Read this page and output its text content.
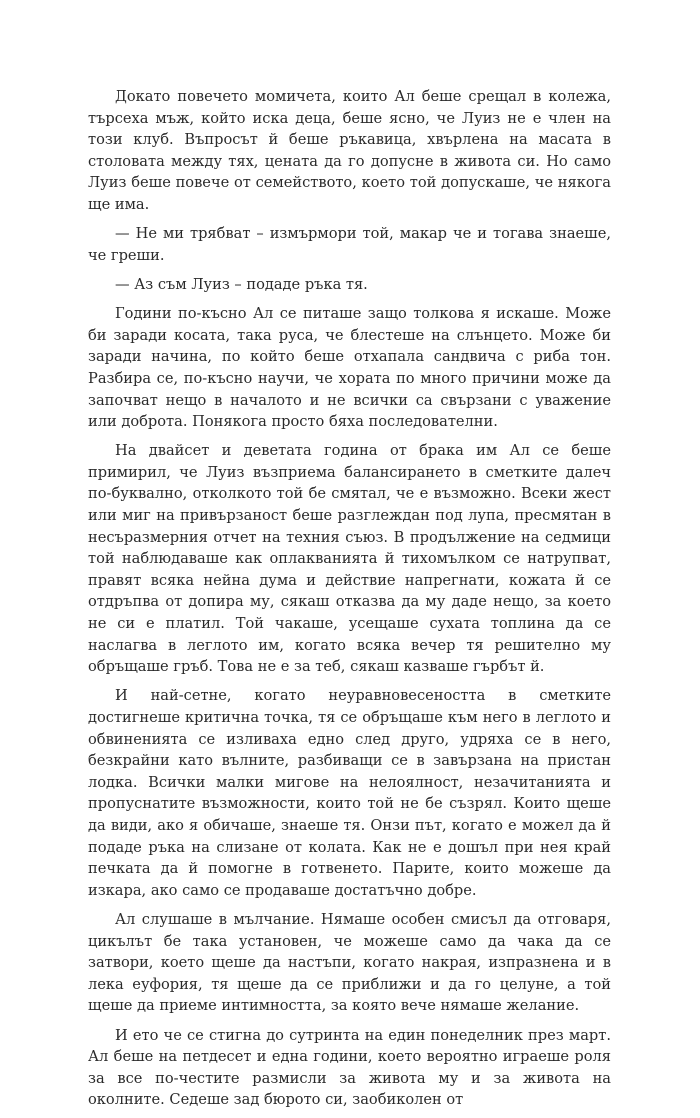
Докато повечето момичета, които Ал беше срещал в колежа, търсеха мъж, който иска деца, беше ясно, че Луиз не е член на този клуб. Въпросът й беше ръкавица, хвърлена на масата в столовата между тях, цената да го допусне в живота си. Но само Луиз беше повече от семейството, което той допускаше, че някога ще има.

— Не ми трябват – измърмори той, макар че и тогава знаеше, че греши.

— Аз съм Луиз – подаде ръка тя.

Години по-късно Ал се питаше защо толкова я искаше. Може би заради косата, така руса, че блестеше на слънцето. Може би заради начина, по който беше отхапала сандвича с риба тон. Разбира се, по-късно научи, че хората по много причини може да започват нещо в началото и не всички са свързани с уважение или доброта. Понякога просто бяха последователни.

На двайсет и деветата година от брака им Ал се беше примирил, че Луиз възприема балансирането в сметките далеч по-буквално, отколкото той бе смятал, че е възможно. Всеки жест или миг на привързаност беше разглеждан под лупа, пресмятан в несъразмерния отчет на техния съюз. В продължение на седмици той наблюдаваше как оплакванията й тихомълком се натрупват, правят всяка нейна дума и действие напрегнати, кожата й се отдръпва от допира му, сякаш отказва да му даде нещо, за което не си е платил. Той чакаше, усещаше сухата топлина да се наслагва в леглото им, когато всяка вечер тя решително му обръщаше гръб. Това не е за теб, сякаш казваше гърбът й.

И най-сетне, когато неуравновесеността в сметките достигнеше критична точка, тя се обръщаше към него в леглото и обвиненията се изливаха едно след друго, удряха се в него, безкрайни като вълните, разбиващи се в завързана на пристан лодка. Всички малки мигове на нелоялност, незачитанията и пропуснатите възможности, които той не бе съзрял. Които щеше да види, ако я обичаше, знаеше тя. Онзи път, когато е можел да й подаде ръка на слизане от колата. Как не е дошъл при нея край печката да й помогне в готвенето. Парите, които можеше да изкара, ако само се продаваше достатъчно добре.

Ал слушаше в мълчание. Нямаше особен смисъл да отговаря, цикълът бе така установен, че можеше само да чака да се затвори, което щеше да настъпи, когато накрая, изпразнена и в лека еуфория, тя щеше да се приближи и да го целуне, а той щеше да приеме интимността, за която вече нямаше желание.

И ето че се стигна до сутринта на един понеделник през март. Ал беше на петдесет и една години, което вероятно играеше роля за все по-честите размисли за живота му и за живота на околните. Седеше зад бюрото си, заобиколен от
